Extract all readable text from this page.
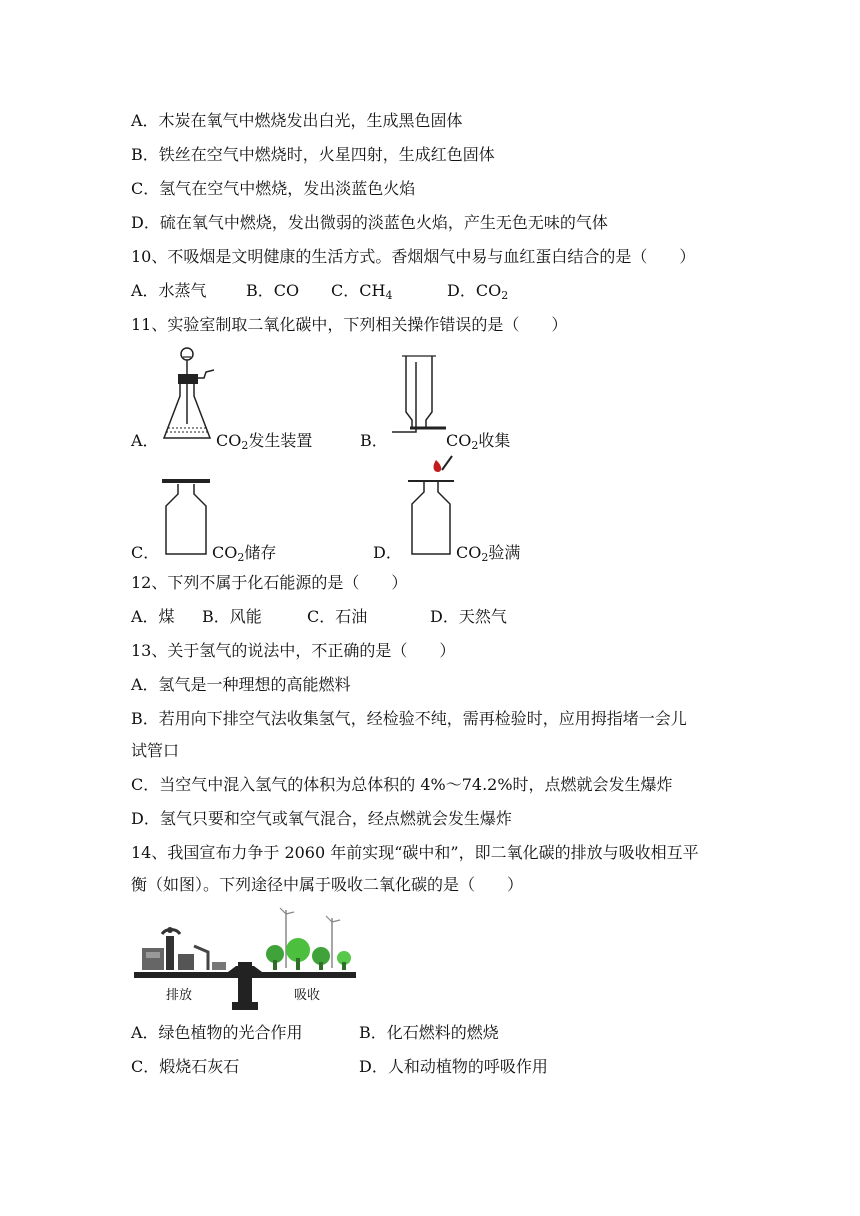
A．木炭在氧气中燃烧发出白光，生成黑色固体
B．铁丝在空气中燃烧时，火星四射，生成红色固体
C．氢气在空气中燃烧，发出淡蓝色火焰
D．硫在氧气中燃烧，发出微弱的淡蓝色火焰，产生无色无味的气体
10、不吸烟是文明健康的生活方式。香烟烟气中易与血红蛋白结合的是（　　）
A．水蒸气 B．CO C．$CH_4$	D．$CO_2$
11、实验室制取二氧化碳中，下列相关操作错误的是（　　）
A．	$CO_2$发生装置	B．	$CO_2$收集
C．	$CO_2$储存	D．	$CO_2$验满
12、下列不属于化石能源的是（　　）
A．煤 B．风能	C．石油	D．天然气
13、关于氢气的说法中，不正确的是（　　）
A．氢气是一种理想的高能燃料
B．若用向下排空气法收集氢气，经检验不纯，需再检验时，应用拇指堵一会儿
试管口
C．当空气中混入氢气的体积为总体积的 4%～74.2%时，点燃就会发生爆炸
D．氢气只要和空气或氧气混合，经点燃就会发生爆炸
14、我国宣布力争于 2060 年前实现“碳中和”，即二氧化碳的排放与吸收相互平
衡（如图）。下列途径中属于吸收二氧化碳的是（　　）
排放	吸收
A．绿色植物的光合作用	B．化石燃料的燃烧
C．煅烧石灰石	D．人和动植物的呼吸作用
